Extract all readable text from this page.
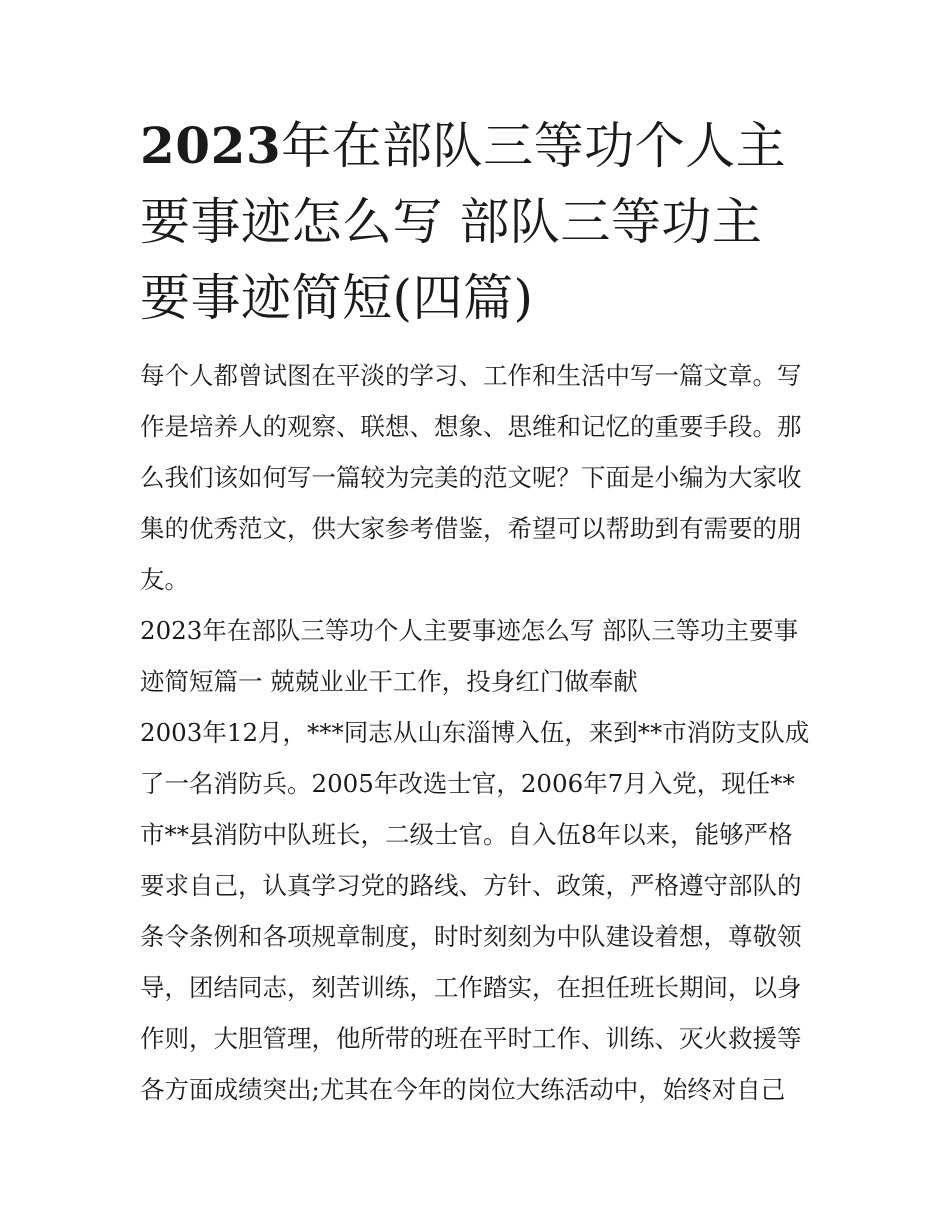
2023年在部队三等功个人主要事迹怎么写 部队三等功主要事迹简短(四篇)

每个人都曾试图在平淡的学习、工作和生活中写一篇文章。写作是培养人的观察、联想、想象、思维和记忆的重要手段。那么我们该如何写一篇较为完美的范文呢？下面是小编为大家收集的优秀范文，供大家参考借鉴，希望可以帮助到有需要的朋友。

2023年在部队三等功个人主要事迹怎么写 部队三等功主要事迹简短篇一 兢兢业业干工作，投身红门做奉献

2003年12月，***同志从山东淄博入伍，来到**市消防支队成了一名消防兵。2005年改选士官，2006年7月入党，现任**市**县消防中队班长，二级士官。自入伍8年以来，能够严格要求自己，认真学习党的路线、方针、政策，严格遵守部队的条令条例和各项规章制度，时时刻刻为中队建设着想，尊敬领导，团结同志，刻苦训练，工作踏实，在担任班长期间，以身作则，大胆管理，他所带的班在平时工作、训练、灭火救援等各方面成绩突出;尤其在今年的岗位大练活动中，始终对自己
